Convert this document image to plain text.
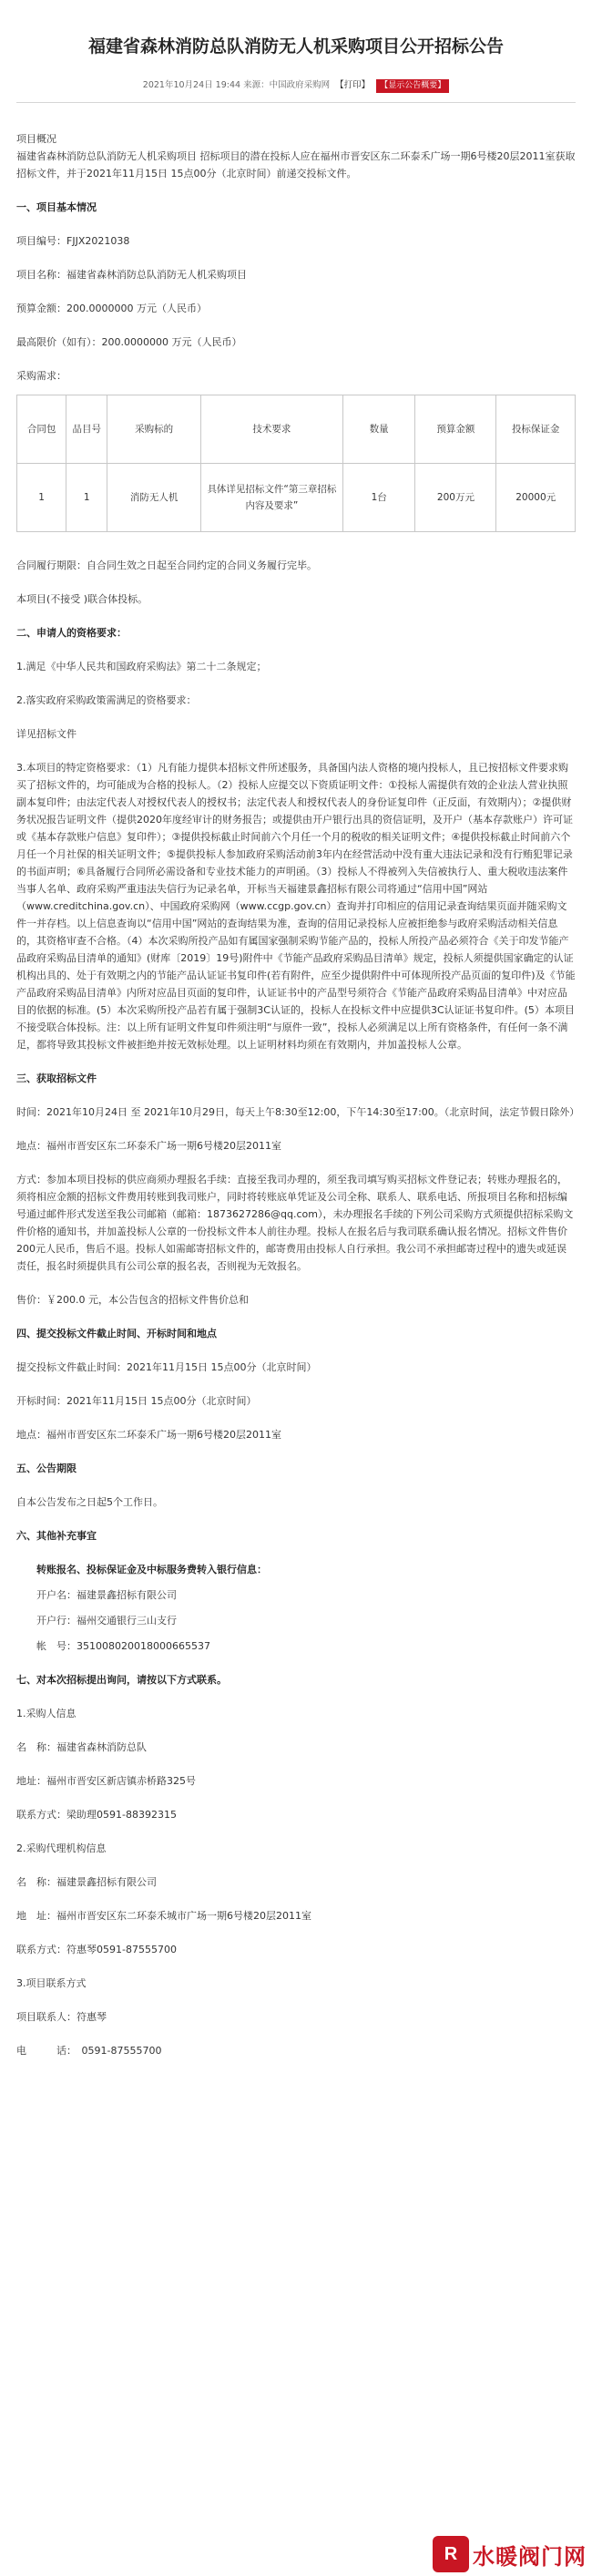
福建省森林消防总队消防无人机采购项目公开招标公告
2021年10月24日 19:44 来源：中国政府采购网 【打印】 【显示公告概要】

项目概况

福建省森林消防总队消防无人机采购项目 招标项目的潜在投标人应在福州市晋安区东二环泰禾广场一期6号楼20层2011室获取招标文件，并于2021年11月15日 15点00分（北京时间）前递交投标文件。

一、项目基本情况

项目编号：FJJX2021038

项目名称：福建省森林消防总队消防无人机采购项目

预算金额：200.0000000 万元（人民币）

最高限价（如有）：200.0000000 万元（人民币）

采购需求：

合同包	品目号	采购标的	技术要求	数量	预算金额	投标保证金
1	1	消防无人机	具体详见招标文件“第三章招标内容及要求”	1台	200万元	20000元

合同履行期限：自合同生效之日起至合同约定的合同义务履行完毕。

本项目(不接受 )联合体投标。

二、申请人的资格要求：

1.满足《中华人民共和国政府采购法》第二十二条规定；

2.落实政府采购政策需满足的资格要求：

详见招标文件

3.本项目的特定资格要求：（1）凡有能力提供本招标文件所述服务，具备国内法人资格的境内投标人，且已按招标文件要求购买了招标文件的，均可能成为合格的投标人。（2）投标人应提交以下资质证明文件：①投标人需提供有效的企业法人营业执照副本复印件；由法定代表人对授权代表人的授权书；法定代表人和授权代表人的身份证复印件（正反面，有效期内）；②提供财务状况报告证明文件（提供2020年度经审计的财务报告；或提供由开户银行出具的资信证明，及开户（基本存款账户）许可证或《基本存款账户信息》复印件）；③提供投标截止时间前六个月任一个月的税收的相关证明文件；④提供投标截止时间前六个月任一个月社保的相关证明文件；⑤提供投标人参加政府采购活动前3年内在经营活动中没有重大违法记录和没有行贿犯罪记录的书面声明；⑥具备履行合同所必需设备和专业技术能力的声明函。（3）投标人不得被列入失信被执行人、重大税收违法案件当事人名单、政府采购严重违法失信行为记录名单，开标当天福建景鑫招标有限公司将通过“信用中国”网站（www.creditchina.gov.cn）、中国政府采购网（www.ccgp.gov.cn）查询并打印相应的信用记录查询结果页面并随采购文件一并存档。以上信息查询以“信用中国”网站的查询结果为准，查询的信用记录投标人应被拒绝参与政府采购活动相关信息的，其资格审查不合格。（4）本次采购所投产品如有属国家强制采购节能产品的，投标人所投产品必须符合《关于印发节能产品政府采购品目清单的通知》(财库〔2019〕19号)附件中《节能产品政府采购品目清单》规定，投标人须提供国家确定的认证机构出具的、处于有效期之内的节能产品认证证书复印件(若有附件，应至少提供附件中可体现所投产品页面的复印件)及《节能产品政府采购品目清单》内所对应品目页面的复印件，认证证书中的产品型号须符合《节能产品政府采购品目清单》中对应品目的依据的标准。(5）本次采购所投产品若有属于强制3C认证的，投标人在投标文件中应提供3C认证证书复印件。(5）本项目不接受联合体投标。注：以上所有证明文件复印件须注明“与原件一致”，投标人必须满足以上所有资格条件，有任何一条不满足，都将导致其投标文件被拒绝并按无效标处理。以上证明材料均须在有效期内，并加盖投标人公章。

三、获取招标文件

时间：2021年10月24日 至 2021年10月29日，每天上午8:30至12:00，下午14:30至17:00。（北京时间，法定节假日除外）

地点：福州市晋安区东二环泰禾广场一期6号楼20层2011室

方式：参加本项目投标的供应商须办理报名手续：直接至我司办理的，须至我司填写购买招标文件登记表；转账办理报名的，须将相应金额的招标文件费用转账到我司账户，同时将转账底单凭证及公司全称、联系人、联系电话、所报项目名称和招标编号通过邮件形式发送至我公司邮箱（邮箱：1873627286@qq.com），未办理报名手续的下列公司采购方式须提供招标采购文件价格的通知书，并加盖投标人公章的一份投标文件本人前往办理。投标人在报名后与我司联系确认报名情况。招标文件售价200元人民币，售后不退。投标人如需邮寄招标文件的，邮寄费用由投标人自行承担。我公司不承担邮寄过程中的遗失或延误责任，报名时须提供具有公司公章的报名表，否则视为无效报名。

售价：￥200.0 元，本公告包含的招标文件售价总和

四、提交投标文件截止时间、开标时间和地点

提交投标文件截止时间：2021年11月15日 15点00分（北京时间）

开标时间：2021年11月15日 15点00分（北京时间）

地点：福州市晋安区东二环泰禾广场一期6号楼20层2011室

五、公告期限

自本公告发布之日起5个工作日。

六、其他补充事宜

转账报名、投标保证金及中标服务费转入银行信息：

开户名：福建景鑫招标有限公司

开户行：福州交通银行三山支行

帐　号：351008020018000665537

七、对本次招标提出询问，请按以下方式联系。

1.采购人信息

名　称：福建省森林消防总队

地址：福州市晋安区新店镇赤桥路325号

联系方式：梁助理0591-88392315

2.采购代理机构信息

名　称：福建景鑫招标有限公司

地　址：福州市晋安区东二环泰禾城市广场一期6号楼20层2011室

联系方式：符惠琴0591-87555700

3.项目联系方式

项目联系人：符惠琴

电　　　话：　0591-87555700

R 水暖阀门网
